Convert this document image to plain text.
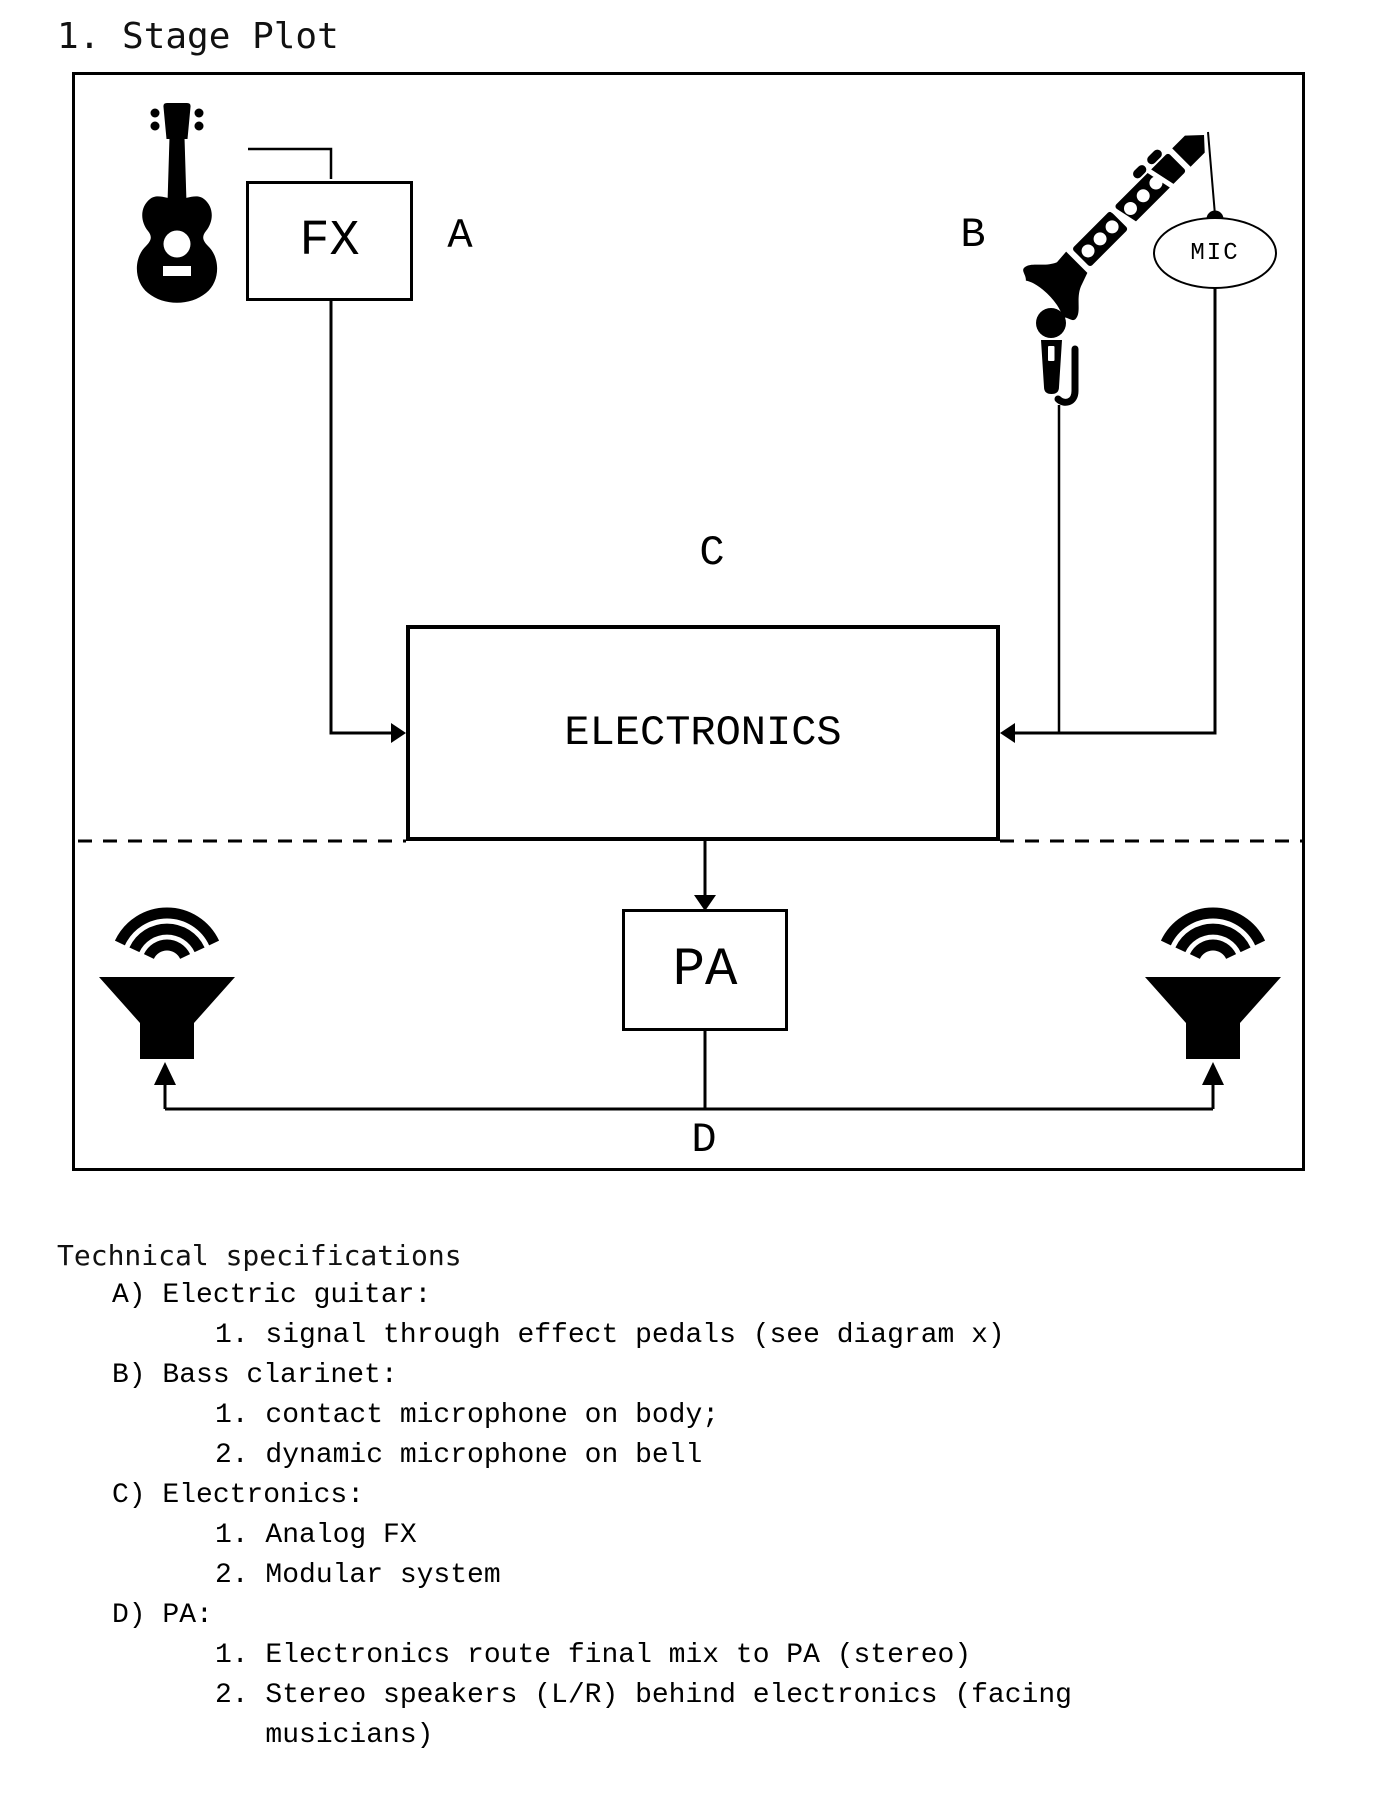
1. Stage Plot
FX
ELECTRONICS
PA
MIC
A	B
C
D
Technical specifications
A) Electric guitar:
1. signal through effect pedals (see diagram x)
B) Bass clarinet:
1. contact microphone on body;
2. dynamic microphone on bell
C) Electronics:
1. Analog FX
2. Modular system
D) PA:
1. Electronics route final mix to PA (stereo)
2. Stereo speakers (L/R) behind electronics (facing musicians)
